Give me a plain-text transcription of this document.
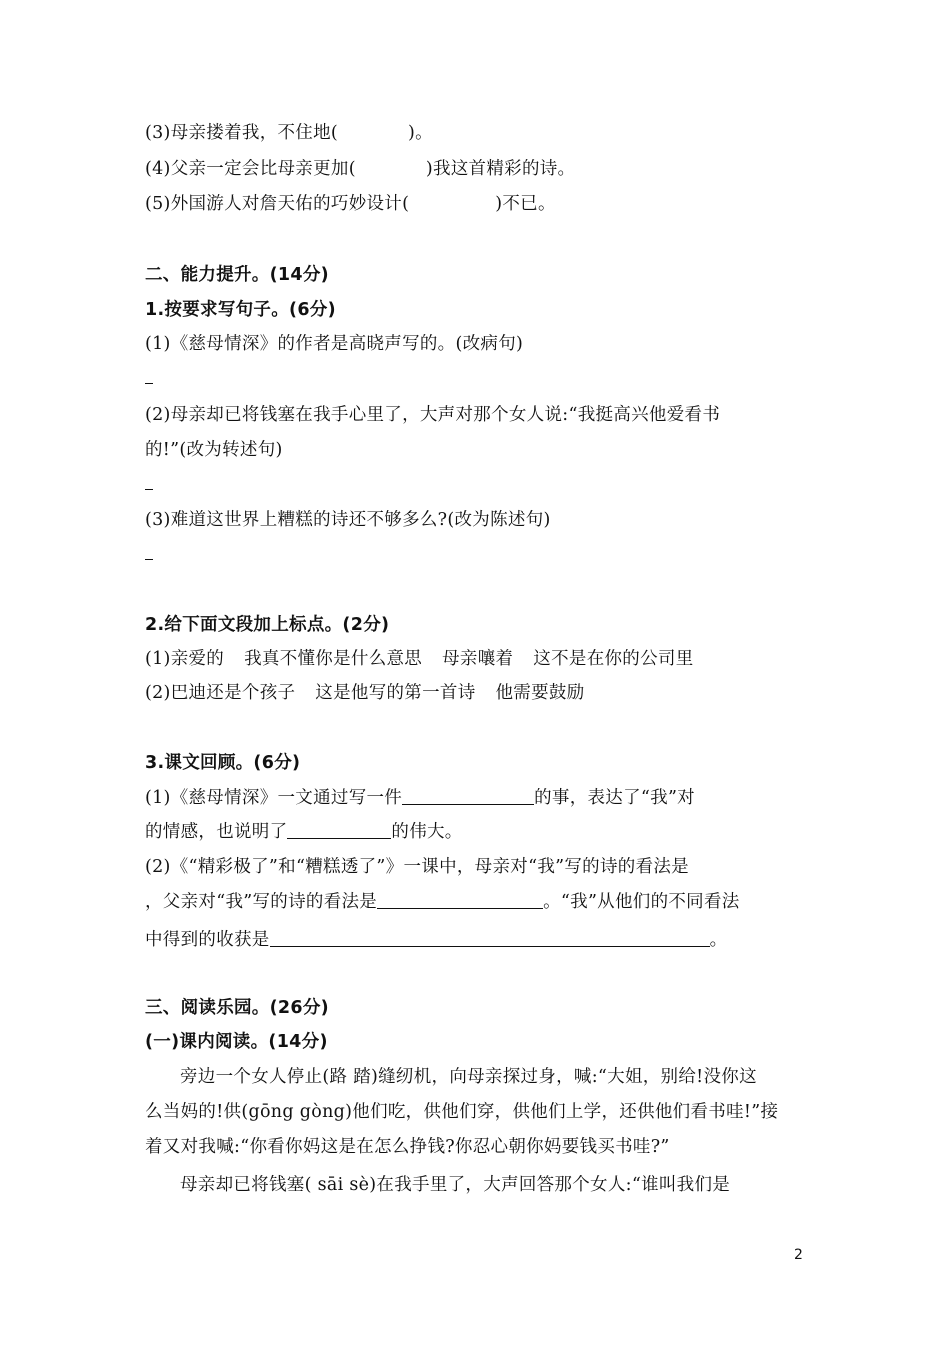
(3)母亲搂着我，不住地(	)。
(4)父亲一定会比母亲更加(	)我这首精彩的诗。
(5)外国游人对詹天佑的巧妙设计(	)不已。
二、能力提升。(14分)
1.按要求写句子。(6分)
(1)《慈母情深》的作者是高晓声写的。(改病句)
(2)母亲却已将钱塞在我手心里了，大声对那个女人说:“我挺高兴他爱看书
的!”(改为转述句)
(3)难道这世界上糟糕的诗还不够多么?(改为陈述句)
2.给下面文段加上标点。(2分)
(1)亲爱的 我真不懂你是什么意思 母亲嚷着 这不是在你的公司里
(2)巴迪还是个孩子 这是他写的第一首诗 他需要鼓励
3.课文回顾。(6分)
(1)《慈母情深》一文通过写一件	的事，表达了“我”对
的情感，也说明了	的伟大。
(2)《“精彩极了”和“糟糕透了”》一课中，母亲对“我”写的诗的看法是
，父亲对“我”写的诗的看法是	。“我”从他们的不同看法
中得到的收获是	。
三、阅读乐园。(26分)
(一)课内阅读。(14分)
旁边一个女人停止(路 踏)缝纫机，向母亲探过身，喊:“大姐，别给!没你这
么当妈的!供(gōng gòng)他们吃，供他们穿，供他们上学，还供他们看书哇!”接
着又对我喊:“你看你妈这是在怎么挣钱?你忍心朝你妈要钱买书哇?”
母亲却已将钱塞( sāi sè)在我手里了，大声回答那个女人:“谁叫我们是
2
